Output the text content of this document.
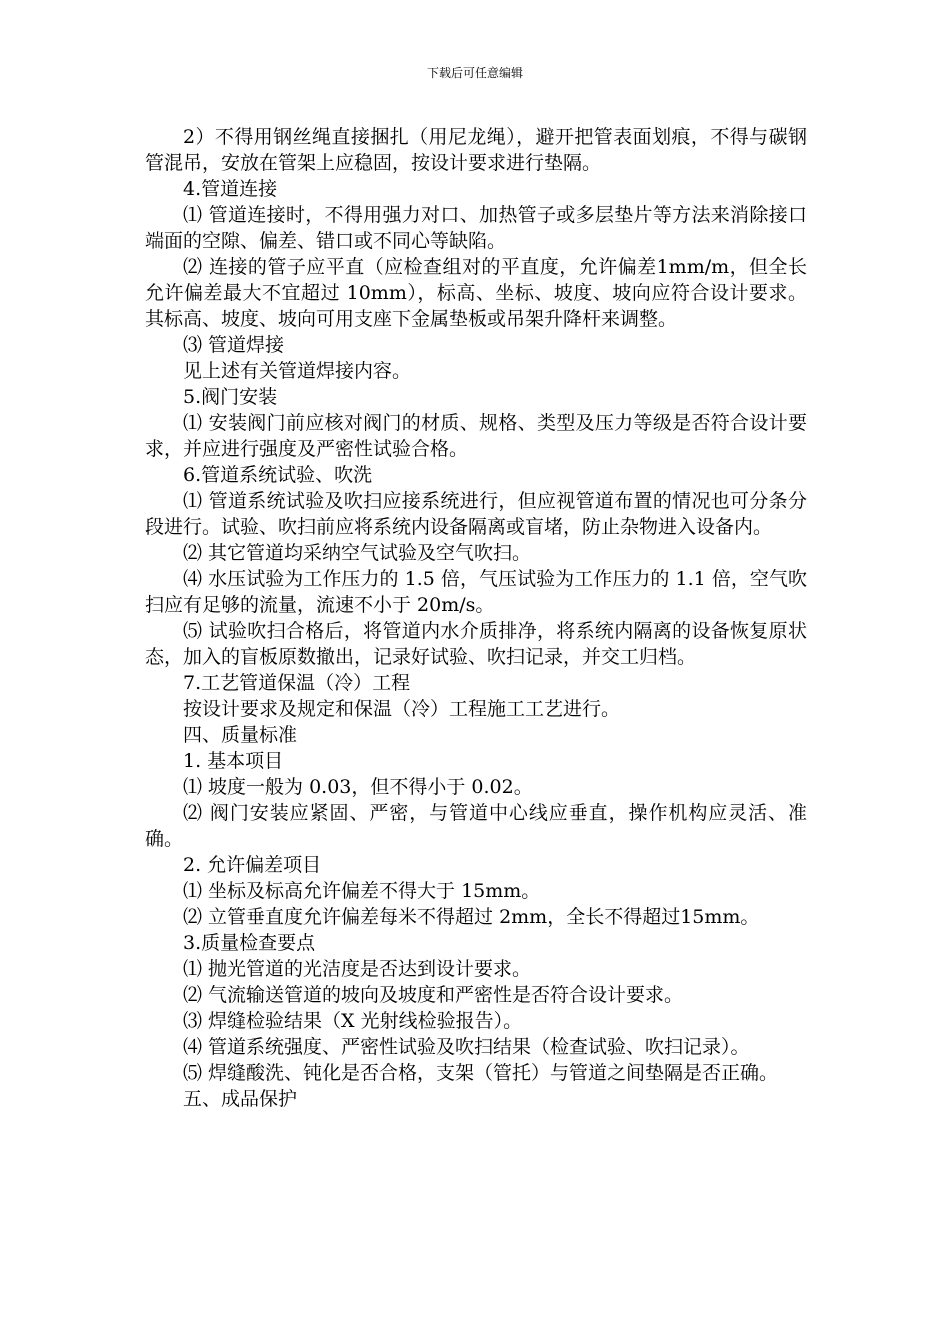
下载后可任意编辑

2）不得用钢丝绳直接捆扎（用尼龙绳），避开把管表面划痕，不得与碳钢管混吊，安放在管架上应稳固，按设计要求进行垫隔。

4.管道连接

⑴ 管道连接时，不得用强力对口、加热管子或多层垫片等方法来消除接口端面的空隙、偏差、错口或不同心等缺陷。

⑵ 连接的管子应平直（应检查组对的平直度，允许偏差1mm/m，但全长允许偏差最大不宜超过 10mm），标高、坐标、坡度、坡向应符合设计要求。其标高、坡度、坡向可用支座下金属垫板或吊架升降杆来调整。

⑶ 管道焊接

见上述有关管道焊接内容。

5.阀门安装

⑴ 安装阀门前应核对阀门的材质、规格、类型及压力等级是否符合设计要求，并应进行强度及严密性试验合格。

6.管道系统试验、吹洗

⑴ 管道系统试验及吹扫应接系统进行，但应视管道布置的情况也可分条分段进行。试验、吹扫前应将系统内设备隔离或盲堵，防止杂物进入设备内。

⑵ 其它管道均采纳空气试验及空气吹扫。

⑷ 水压试验为工作压力的 1.5 倍，气压试验为工作压力的 1.1 倍，空气吹扫应有足够的流量，流速不小于 20m/s。

⑸ 试验吹扫合格后，将管道内水介质排净，将系统内隔离的设备恢复原状态，加入的盲板原数撤出，记录好试验、吹扫记录，并交工归档。

7.工艺管道保温（冷）工程

按设计要求及规定和保温（冷）工程施工工艺进行。

四、质量标准

1. 基本项目

⑴ 坡度一般为 0.03，但不得小于 0.02。

⑵ 阀门安装应紧固、严密，与管道中心线应垂直，操作机构应灵活、准确。

2. 允许偏差项目

⑴ 坐标及标高允许偏差不得大于 15mm。

⑵ 立管垂直度允许偏差每米不得超过 2mm，全长不得超过15mm。

3.质量检查要点

⑴ 抛光管道的光洁度是否达到设计要求。

⑵ 气流输送管道的坡向及坡度和严密性是否符合设计要求。

⑶ 焊缝检验结果（X 光射线检验报告）。

⑷ 管道系统强度、严密性试验及吹扫结果（检查试验、吹扫记录）。

⑸ 焊缝酸洗、钝化是否合格，支架（管托）与管道之间垫隔是否正确。

五、成品保护
